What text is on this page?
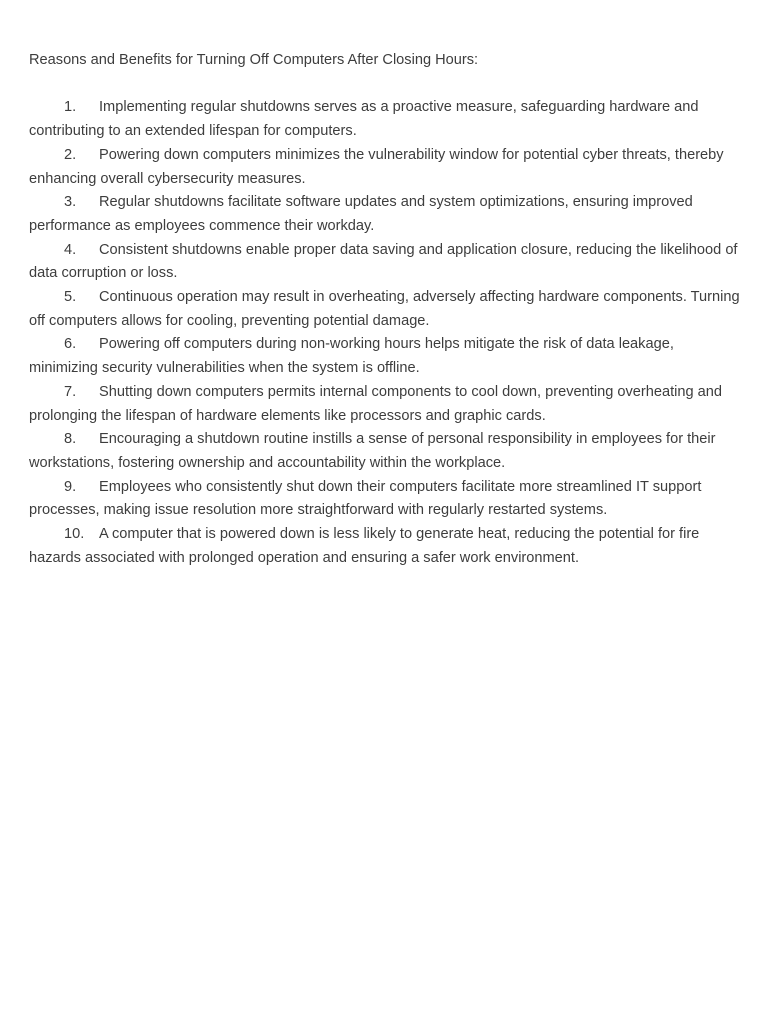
Reasons and Benefits for Turning Off Computers After Closing Hours:

1. Implementing regular shutdowns serves as a proactive measure, safeguarding hardware and contributing to an extended lifespan for computers.

2. Powering down computers minimizes the vulnerability window for potential cyber threats, thereby enhancing overall cybersecurity measures.

3. Regular shutdowns facilitate software updates and system optimizations, ensuring improved performance as employees commence their workday.

4. Consistent shutdowns enable proper data saving and application closure, reducing the likelihood of data corruption or loss.

5. Continuous operation may result in overheating, adversely affecting hardware components. Turning off computers allows for cooling, preventing potential damage.

6. Powering off computers during non-working hours helps mitigate the risk of data leakage, minimizing security vulnerabilities when the system is offline.

7. Shutting down computers permits internal components to cool down, preventing overheating and prolonging the lifespan of hardware elements like processors and graphic cards.

8. Encouraging a shutdown routine instills a sense of personal responsibility in employees for their workstations, fostering ownership and accountability within the workplace.

9. Employees who consistently shut down their computers facilitate more streamlined IT support processes, making issue resolution more straightforward with regularly restarted systems.

10. A computer that is powered down is less likely to generate heat, reducing the potential for fire hazards associated with prolonged operation and ensuring a safer work environment.
